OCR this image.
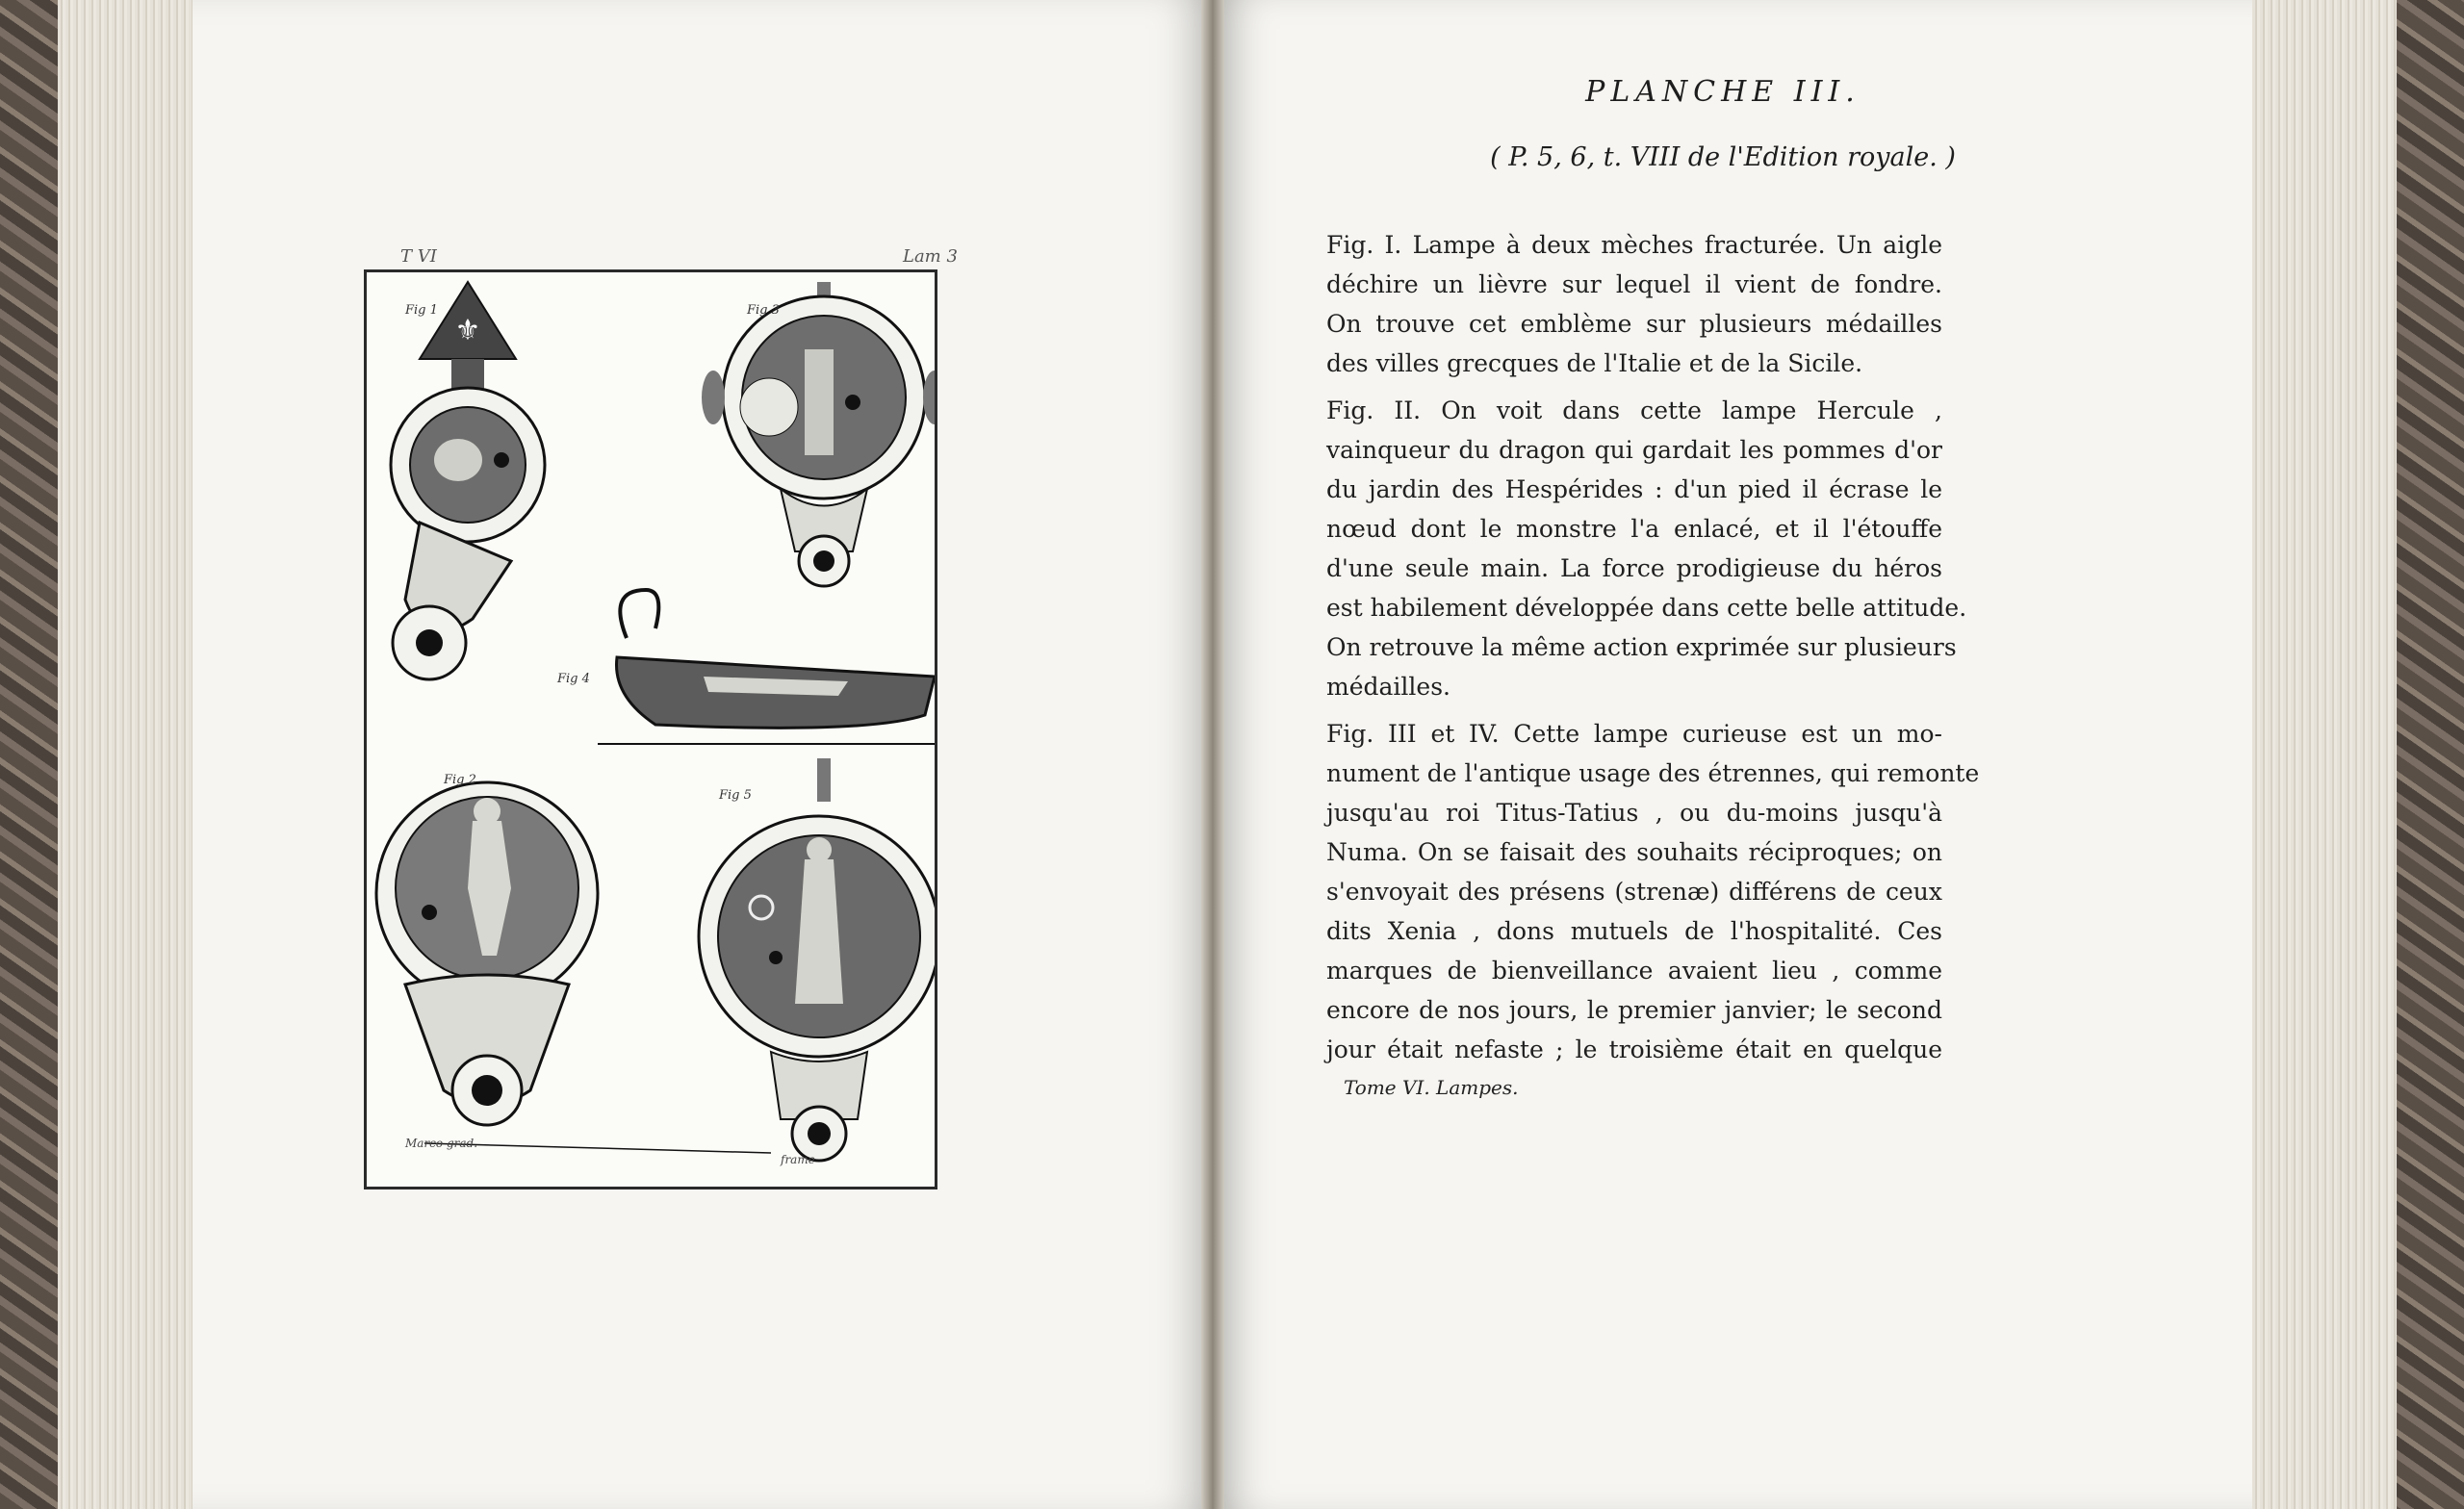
T VI	Lam 3
⚜
Fig 1	Fig 3
Fig 4
Fig 2
Fig 5
Marco grad.
frame
PLANCHE III.
( P. 5, 6, t. VIII de l'Edition royale. )
Fig. I. Lampe à deux mèches fracturée. Un aigle
déchire un lièvre sur lequel il vient de fondre.
On trouve cet emblème sur plusieurs médailles
des villes grecques de l'Italie et de la Sicile.
Fig. II. On voit dans cette lampe Hercule ,
vainqueur du dragon qui gardait les pommes d'or
du jardin des Hespérides : d'un pied il écrase le
nœud dont le monstre l'a enlacé, et il l'étouffe
d'une seule main. La force prodigieuse du héros
est habilement développée dans cette belle attitude.
On retrouve la même action exprimée sur plusieurs
médailles.
Fig. III et IV. Cette lampe curieuse est un mo-
nument de l'antique usage des étrennes, qui remonte
jusqu'au roi Titus-Tatius , ou du-moins jusqu'à
Numa. On se faisait des souhaits réciproques; on
s'envoyait des présens (strenæ) différens de ceux
dits Xenia , dons mutuels de l'hospitalité. Ces
marques de bienveillance avaient lieu , comme
encore de nos jours, le premier janvier; le second
jour était nefaste ; le troisième était en quelque
Tome VI. Lampes.
